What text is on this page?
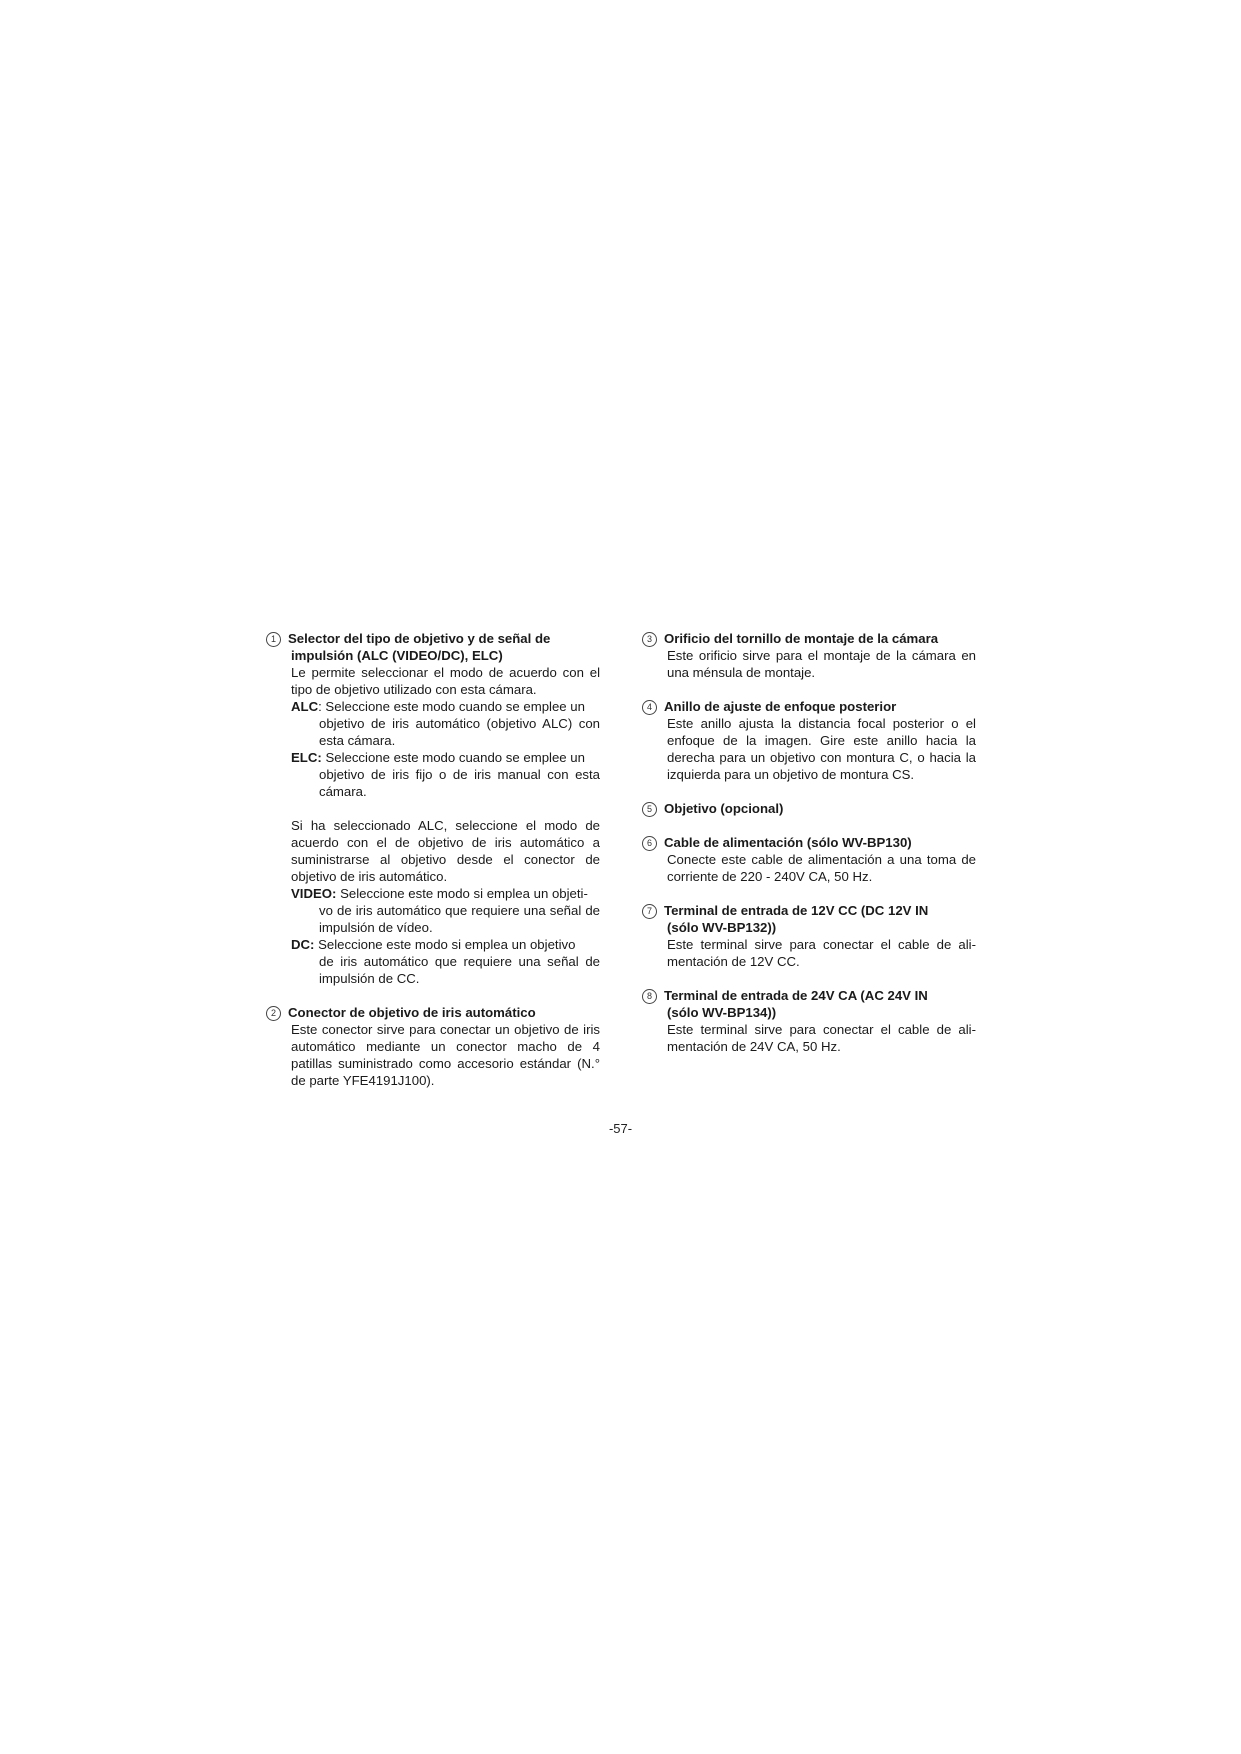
1 Selector del tipo de objetivo y de señal de
impulsión (ALC (VIDEO/DC), ELC)
Le permite seleccionar el modo de acuerdo con el tipo de objetivo utilizado con esta cámara.
ALC: Seleccione este modo cuando se emplee un
objetivo de iris automático (objetivo ALC) con esta cámara.
ELC: Seleccione este modo cuando se emplee un
objetivo de iris fijo o de iris manual con esta cámara.
Si ha seleccionado ALC, seleccione el modo de acuerdo con el de objetivo de iris automático a suministrarse al objetivo desde el conector de objetivo de iris automático.
VIDEO: Seleccione este modo si emplea un objeti-
vo de iris automático que requiere una señal de impulsión de vídeo.
DC: Seleccione este modo si emplea un objetivo
de iris automático que requiere una señal de impulsión de CC.
2 Conector de objetivo de iris automático
Este conector sirve para conectar un objetivo de iris automático mediante un conector macho de 4 patillas suministrado como accesorio estándar (N.° de parte YFE4191J100).
3 Orificio del tornillo de montaje de la cámara
Este orificio sirve para el montaje de la cámara en una ménsula de montaje.
4 Anillo de ajuste de enfoque posterior
Este anillo ajusta la distancia focal posterior o el enfoque de la imagen. Gire este anillo hacia la derecha para un objetivo con montura C, o hacia la izquierda para un objetivo de montura CS.
5 Objetivo (opcional)
6 Cable de alimentación (sólo WV-BP130)
Conecte este cable de alimentación a una toma de corriente de 220 - 240V CA, 50 Hz.
7 Terminal de entrada de 12V CC (DC 12V IN
(sólo WV-BP132))
Este terminal sirve para conectar el cable de ali-mentación de 12V CC.
8 Terminal de entrada de 24V CA (AC 24V IN
(sólo WV-BP134))
Este terminal sirve para conectar el cable de ali-mentación de 24V CA, 50 Hz.
-57-
